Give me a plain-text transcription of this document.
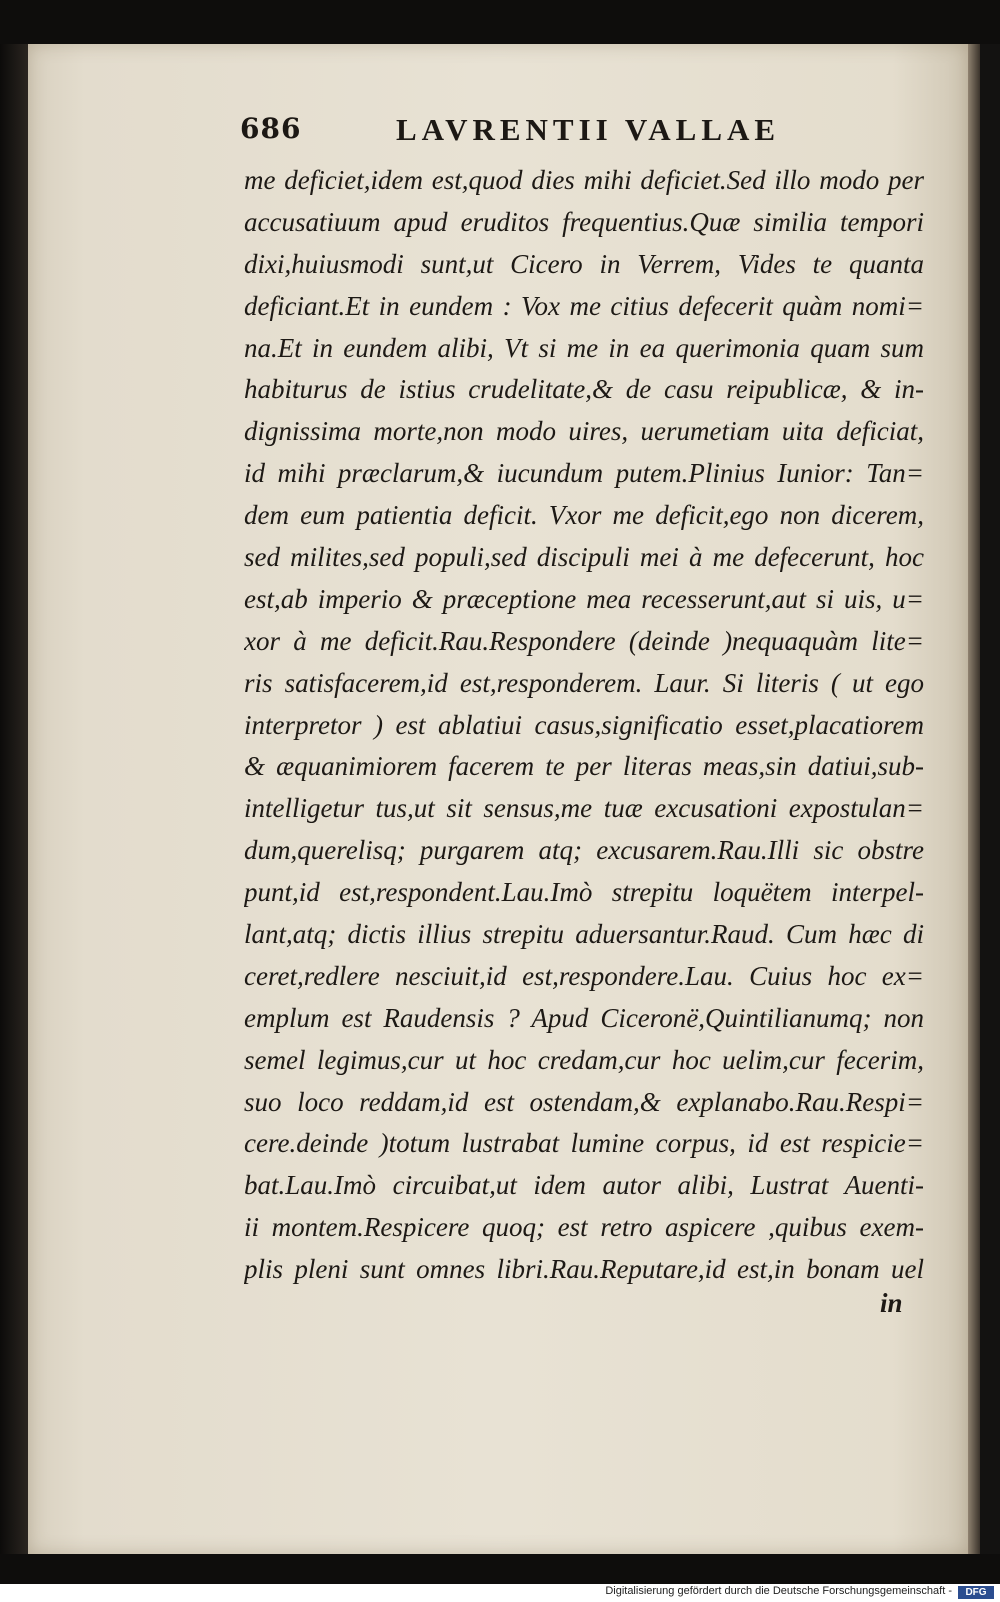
686	LAVRENTII VALLAE
me deficiet,idem est,quod dies mihi deficiet.Sed illo modo per
accusatiuum apud eruditos frequentius.Quæ similia tempori
dixi,huiusmodi sunt,ut Cicero in Verrem, Vides te quanta
deficiant.Et in eundem : Vox me citius defecerit quàm nomi=
na.Et in eundem alibi, Vt si me in ea querimonia quam sum
habiturus de istius crudelitate,& de casu reipublicæ, & in-
dignissima morte,non modo uires, uerumetiam uita deficiat,
id mihi præclarum,& iucundum putem.Plinius Iunior: Tan=
dem eum patientia deficit. Vxor me deficit,ego non dicerem,
sed milites,sed populi,sed discipuli mei à me defecerunt, hoc
est,ab imperio & præceptione mea recesserunt,aut si uis, u=
xor à me deficit.Rau.Respondere (deinde )nequaquàm lite=
ris satisfacerem,id est,responderem. Laur. Si literis ( ut ego
interpretor ) est ablatiui casus,significatio esset,placatiorem
& æquanimiorem facerem te per literas meas,sin datiui,sub-
intelligetur tus,ut sit sensus,me tuæ excusationi expostulan=
dum,querelisq; purgarem atq; excusarem.Rau.Illi sic obstre
punt,id est,respondent.Lau.Imò strepitu loquëtem interpel-
lant,atq; dictis illius strepitu aduersantur.Raud. Cum hæc di
ceret,redlere nesciuit,id est,respondere.Lau. Cuius hoc ex=
emplum est Raudensis ? Apud Ciceronë,Quintilianumq; non
semel legimus,cur ut hoc credam,cur hoc uelim,cur fecerim,
suo loco reddam,id est ostendam,& explanabo.Rau.Respi=
cere.deinde )totum lustrabat lumine corpus, id est respicie=
bat.Lau.Imò circuibat,ut idem autor alibi, Lustrat Auenti-
ii montem.Respicere quoq; est retro aspicere ,quibus exem-
plis pleni sunt omnes libri.Rau.Reputare,id est,in bonam uel
in
Digitalisierung gefördert durch die Deutsche Forschungsgemeinschaft -	DFG
